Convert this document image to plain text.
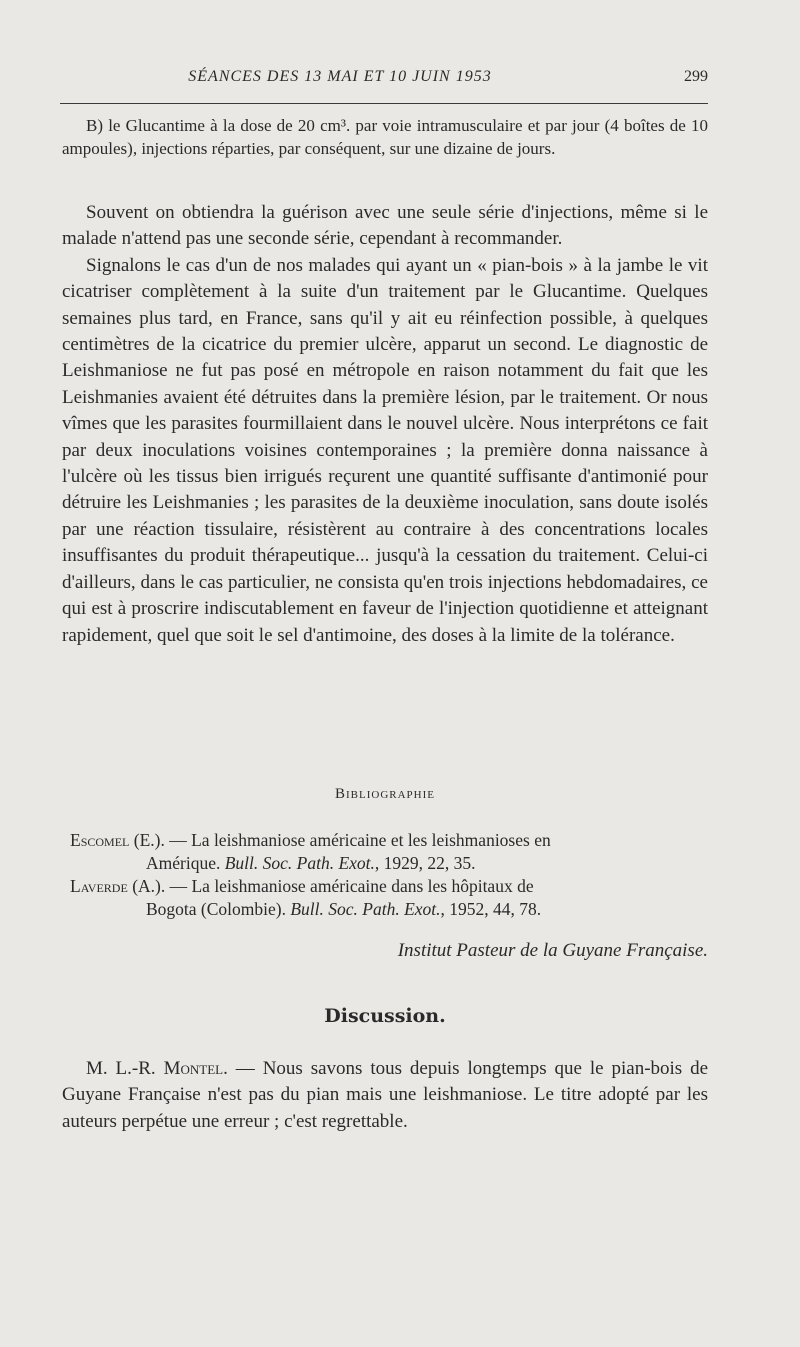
SÉANCES DES 13 MAI ET 10 JUIN 1953	299

B) le Glucantime à la dose de 20 cm³. par voie intramusculaire et par jour (4 boîtes de 10 ampoules), injections réparties, par conséquent, sur une dizaine de jours.

Souvent on obtiendra la guérison avec une seule série d'injections, même si le malade n'attend pas une seconde série, cependant à recommander.

Signalons le cas d'un de nos malades qui ayant un « pian-bois » à la jambe le vit cicatriser complètement à la suite d'un traitement par le Glucantime. Quelques semaines plus tard, en France, sans qu'il y ait eu réinfection possible, à quelques centimètres de la cicatrice du premier ulcère, apparut un second. Le diagnostic de Leishmaniose ne fut pas posé en métropole en raison notamment du fait que les Leishmanies avaient été détruites dans la première lésion, par le traitement. Or nous vîmes que les parasites fourmillaient dans le nouvel ulcère. Nous interprétons ce fait par deux inoculations voisines contemporaines ; la première donna naissance à l'ulcère où les tissus bien irrigués reçurent une quantité suffisante d'antimonié pour détruire les Leishmanies ; les parasites de la deuxième inoculation, sans doute isolés par une réaction tissulaire, résistèrent au contraire à des concentrations locales insuffisantes du produit thérapeutique... jusqu'à la cessation du traitement. Celui-ci d'ailleurs, dans le cas particulier, ne consista qu'en trois injections hebdomadaires, ce qui est à proscrire indiscutablement en faveur de l'injection quotidienne et atteignant rapidement, quel que soit le sel d'antimoine, des doses à la limite de la tolérance.

Bibliographie
Escomel (E.). — La leishmaniose américaine et les leishmanioses en
Amérique. Bull. Soc. Path. Exot., 1929, 22, 35.
Laverde (A.). — La leishmaniose américaine dans les hôpitaux de
Bogota (Colombie). Bull. Soc. Path. Exot., 1952, 44, 78.
Institut Pasteur de la Guyane Française.
Discussion.

M. L.-R. Montel. — Nous savons tous depuis longtemps que le pian-bois de Guyane Française n'est pas du pian mais une leishmaniose. Le titre adopté par les auteurs perpétue une erreur ; c'est regrettable.
